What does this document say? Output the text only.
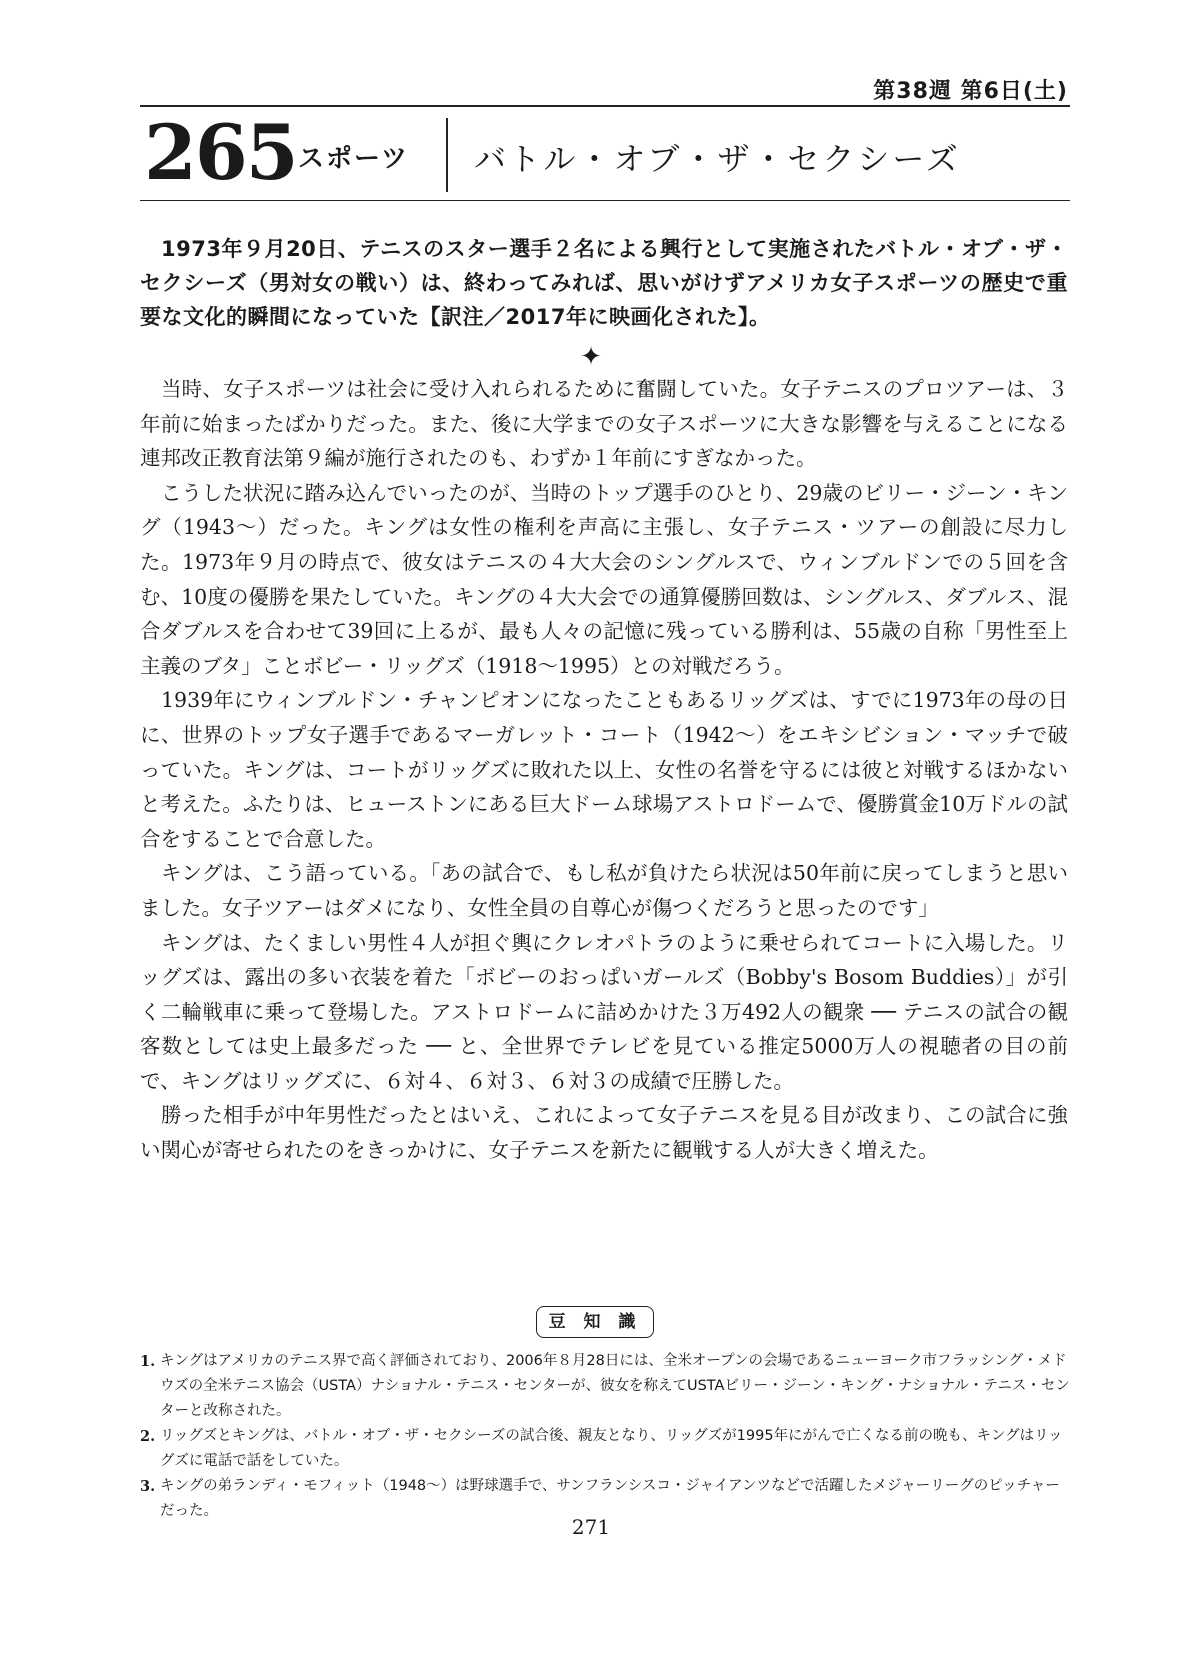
第38週 第6日(土)
265 スポーツ バトル・オブ・ザ・セクシーズ
1973年９月20日、テニスのスター選手２名による興行として実施されたバトル・オブ・ザ・セクシーズ（男対女の戦い）は、終わってみれば、思いがけずアメリカ女子スポーツの歴史で重要な文化的瞬間になっていた【訳注／2017年に映画化された】。
✦

当時、女子スポーツは社会に受け入れられるために奮闘していた。女子テニスのプロツアーは、３年前に始まったばかりだった。また、後に大学までの女子スポーツに大きな影響を与えることになる連邦改正教育法第９編が施行されたのも、わずか１年前にすぎなかった。

こうした状況に踏み込んでいったのが、当時のトップ選手のひとり、29歳のビリー・ジーン・キング（1943〜）だった。キングは女性の権利を声高に主張し、女子テニス・ツアーの創設に尽力した。1973年９月の時点で、彼女はテニスの４大大会のシングルスで、ウィンブルドンでの５回を含む、10度の優勝を果たしていた。キングの４大大会での通算優勝回数は、シングルス、ダブルス、混合ダブルスを合わせて39回に上るが、最も人々の記憶に残っている勝利は、55歳の自称「男性至上主義のブタ」ことボビー・リッグズ（1918〜1995）との対戦だろう。

1939年にウィンブルドン・チャンピオンになったこともあるリッグズは、すでに1973年の母の日に、世界のトップ女子選手であるマーガレット・コート（1942〜）をエキシビション・マッチで破っていた。キングは、コートがリッグズに敗れた以上、女性の名誉を守るには彼と対戦するほかないと考えた。ふたりは、ヒューストンにある巨大ドーム球場アストロドームで、優勝賞金10万ドルの試合をすることで合意した。

キングは、こう語っている。「あの試合で、もし私が負けたら状況は50年前に戻ってしまうと思いました。女子ツアーはダメになり、女性全員の自尊心が傷つくだろうと思ったのです」

キングは、たくましい男性４人が担ぐ輿にクレオパトラのように乗せられてコートに入場した。リッグズは、露出の多い衣装を着た「ボビーのおっぱいガールズ（Bobby's Bosom Buddies）」が引く二輪戦車に乗って登場した。アストロドームに詰めかけた３万492人の観衆 ── テニスの試合の観客数としては史上最多だった ── と、全世界でテレビを見ている推定5000万人の視聴者の目の前で、キングはリッグズに、６対４、６対３、６対３の成績で圧勝した。

勝った相手が中年男性だったとはいえ、これによって女子テニスを見る目が改まり、この試合に強い関心が寄せられたのをきっかけに、女子テニスを新たに観戦する人が大きく増えた。

豆 知 識
1. キングはアメリカのテニス界で高く評価されており、2006年８月28日には、全米オープンの会場であるニューヨーク市フラッシング・メドウズの全米テニス協会（USTA）ナショナル・テニス・センターが、彼女を称えてUSTAビリー・ジーン・キング・ナショナル・テニス・センターと改称された。
2. リッグズとキングは、バトル・オブ・ザ・セクシーズの試合後、親友となり、リッグズが1995年にがんで亡くなる前の晩も、キングはリッグズに電話で話をしていた。
3. キングの弟ランディ・モフィット（1948〜）は野球選手で、サンフランシスコ・ジャイアンツなどで活躍したメジャーリーグのピッチャーだった。
271
